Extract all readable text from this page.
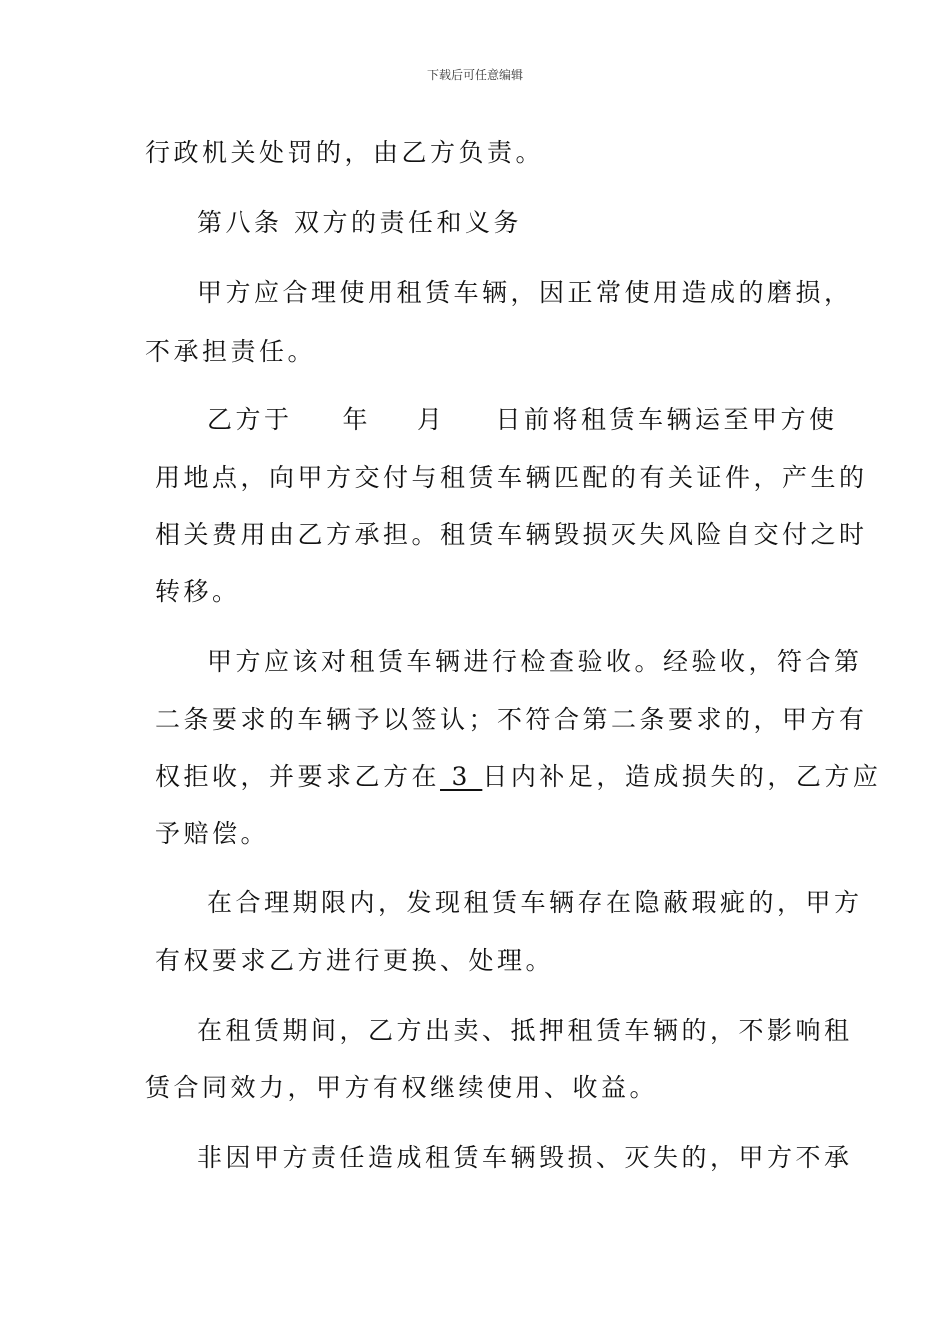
下载后可任意编辑
行政机关处罚的，由乙方负责。
第八条 双方的责任和义务
甲方应合理使用租赁车辆，因正常使用造成的磨损，
不承担责任。
乙方于 年 月 日前将租赁车辆运至甲方使
用地点，向甲方交付与租赁车辆匹配的有关证件，产生的
相关费用由乙方承担。租赁车辆毁损灭失风险自交付之时
转移。
甲方应该对租赁车辆进行检查验收。经验收，符合第
二条要求的车辆予以签认；不符合第二条要求的，甲方有
权拒收，并要求乙方在 3 日内补足，造成损失的，乙方应
予赔偿。
在合理期限内，发现租赁车辆存在隐蔽瑕疵的，甲方
有权要求乙方进行更换、处理。
在租赁期间，乙方出卖、抵押租赁车辆的，不影响租
赁合同效力，甲方有权继续使用、收益。
非因甲方责任造成租赁车辆毁损、灭失的，甲方不承
